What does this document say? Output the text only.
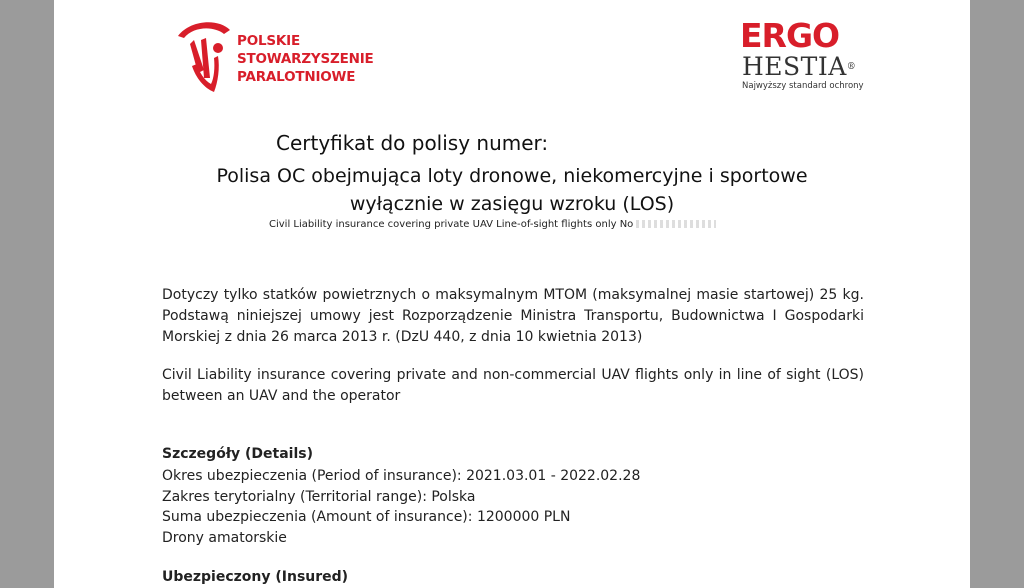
POLSKIE
STOWARZYSZENIE
PARALOTNIOWE
ERGO
HESTIA®
Najwyższy standard ochrony
Certyfikat do polisy numer:
Polisa OC obejmująca loty dronowe, niekomercyjne i sportowe
wyłącznie w zasięgu wzroku (LOS)
Civil Liability insurance covering private UAV Line-of-sight flights only No

Dotyczy tylko statków powietrznych o maksymalnym MTOM (maksymalnej masie startowej) 25 kg. Podstawą niniejszej umowy jest Rozporządzenie Ministra Transportu, Budownictwa I Gospodarki Morskiej z dnia 26 marca 2013 r. (DzU 440, z dnia 10 kwietnia 2013)

Civil Liability insurance covering private and non-commercial UAV flights only in line of sight (LOS) between an UAV and the operator

Szczegóły (Details)
Okres ubezpieczenia (Period of insurance): 2021.03.01 - 2022.02.28
Zakres terytorialny (Territorial range): Polska
Suma ubezpieczenia (Amount of insurance): 1200000 PLN
Drony amatorskie
Ubezpieczony (Insured)
